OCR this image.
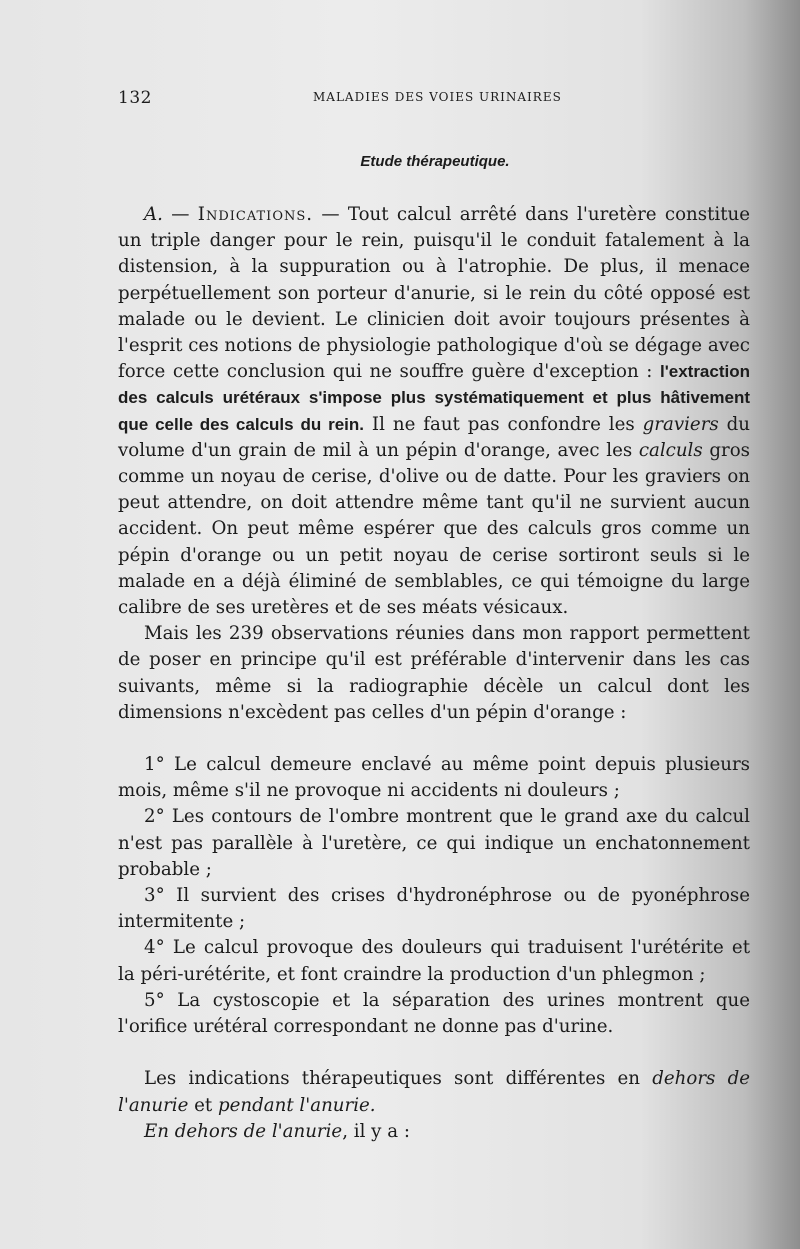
132	MALADIES DES VOIES URINAIRES
Etude thérapeutique.

A. — Indications. — Tout calcul arrêté dans l'uretère constitue un triple danger pour le rein, puisqu'il le conduit fatalement à la distension, à la suppuration ou à l'atrophie. De plus, il menace perpétuellement son porteur d'anurie, si le rein du côté opposé est malade ou le devient. Le clinicien doit avoir toujours présentes à l'esprit ces notions de physiologie pathologique d'où se dégage avec force cette conclusion qui ne souffre guère d'exception : l'extraction des calculs urétéraux s'impose plus systématiquement et plus hâtivement que celle des calculs du rein. Il ne faut pas confondre les graviers du volume d'un grain de mil à un pépin d'orange, avec les calculs gros comme un noyau de cerise, d'olive ou de datte. Pour les graviers on peut attendre, on doit attendre même tant qu'il ne survient aucun accident. On peut même espérer que des calculs gros comme un pépin d'orange ou un petit noyau de cerise sortiront seuls si le malade en a déjà éliminé de semblables, ce qui témoigne du large calibre de ses uretères et de ses méats vésicaux.

Mais les 239 observations réunies dans mon rapport permettent de poser en principe qu'il est préférable d'intervenir dans les cas suivants, même si la radiographie décèle un calcul dont les dimensions n'excèdent pas celles d'un pépin d'orange :

1° Le calcul demeure enclavé au même point depuis plusieurs mois, même s'il ne provoque ni accidents ni douleurs ;

2° Les contours de l'ombre montrent que le grand axe du calcul n'est pas parallèle à l'uretère, ce qui indique un enchatonnement probable ;

3° Il survient des crises d'hydronéphrose ou de pyonéphrose intermitente ;

4° Le calcul provoque des douleurs qui traduisent l'urétérite et la péri-urétérite, et font craindre la production d'un phlegmon ;

5° La cystoscopie et la séparation des urines montrent que l'orifice urétéral correspondant ne donne pas d'urine.

Les indications thérapeutiques sont différentes en dehors de l'anurie et pendant l'anurie.

En dehors de l'anurie, il y a :
